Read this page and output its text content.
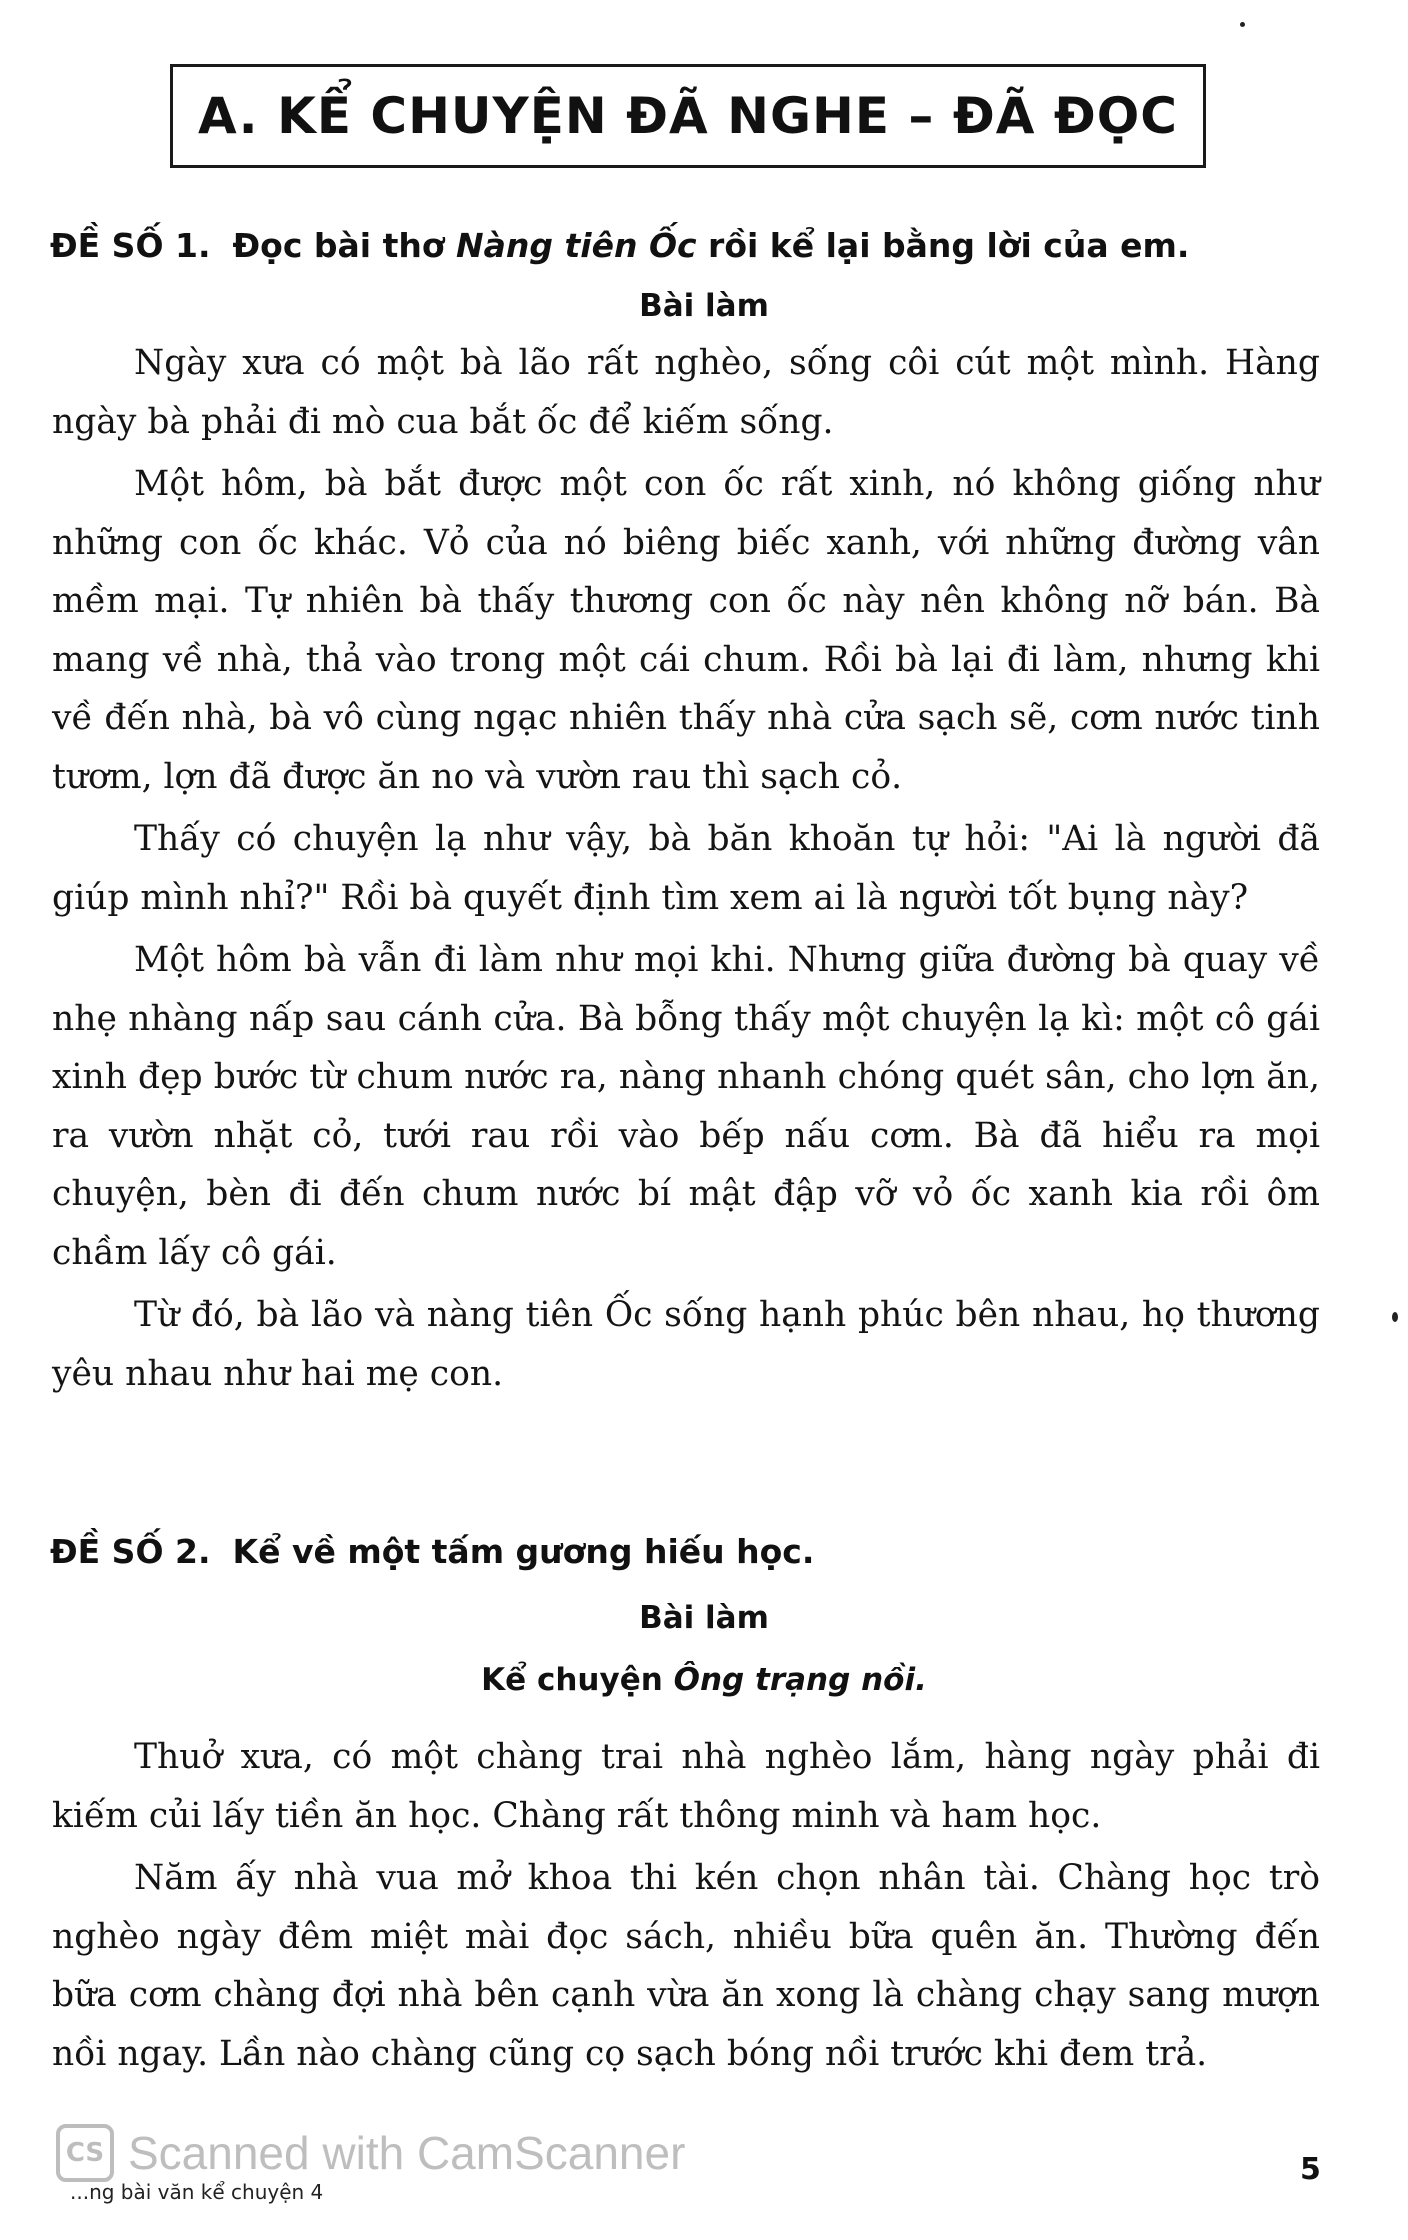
A. KỂ CHUYỆN ĐÃ NGHE – ĐÃ ĐỌC
ĐỀ SỐ 1. Đọc bài thơ Nàng tiên Ốc rồi kể lại bằng lời của em.
Bài làm

Ngày xưa có một bà lão rất nghèo, sống côi cút một mình. Hàng ngày bà phải đi mò cua bắt ốc để kiếm sống.

Một hôm, bà bắt được một con ốc rất xinh, nó không giống như những con ốc khác. Vỏ của nó biêng biếc xanh, với những đường vân mềm mại. Tự nhiên bà thấy thương con ốc này nên không nỡ bán. Bà mang về nhà, thả vào trong một cái chum. Rồi bà lại đi làm, nhưng khi về đến nhà, bà vô cùng ngạc nhiên thấy nhà cửa sạch sẽ, cơm nước tinh tươm, lợn đã được ăn no và vườn rau thì sạch cỏ.

Thấy có chuyện lạ như vậy, bà băn khoăn tự hỏi: "Ai là người đã giúp mình nhỉ?" Rồi bà quyết định tìm xem ai là người tốt bụng này?

Một hôm bà vẫn đi làm như mọi khi. Nhưng giữa đường bà quay về nhẹ nhàng nấp sau cánh cửa. Bà bỗng thấy một chuyện lạ kì: một cô gái xinh đẹp bước từ chum nước ra, nàng nhanh chóng quét sân, cho lợn ăn, ra vườn nhặt cỏ, tưới rau rồi vào bếp nấu cơm. Bà đã hiểu ra mọi chuyện, bèn đi đến chum nước bí mật đập vỡ vỏ ốc xanh kia rồi ôm chầm lấy cô gái.

Từ đó, bà lão và nàng tiên Ốc sống hạnh phúc bên nhau, họ thương yêu nhau như hai mẹ con.

ĐỀ SỐ 2. Kể về một tấm gương hiếu học.
Bài làm
Kể chuyện Ông trạng nồi.

Thuở xưa, có một chàng trai nhà nghèo lắm, hàng ngày phải đi kiếm củi lấy tiền ăn học. Chàng rất thông minh và ham học.

Năm ấy nhà vua mở khoa thi kén chọn nhân tài. Chàng học trò nghèo ngày đêm miệt mài đọc sách, nhiều bữa quên ăn. Thường đến bữa cơm chàng đợi nhà bên cạnh vừa ăn xong là chàng chạy sang mượn nồi ngay. Lần nào chàng cũng cọ sạch bóng nồi trước khi đem trả.

...ng bài văn kể chuyện 4
5
CS Scanned with CamScanner
